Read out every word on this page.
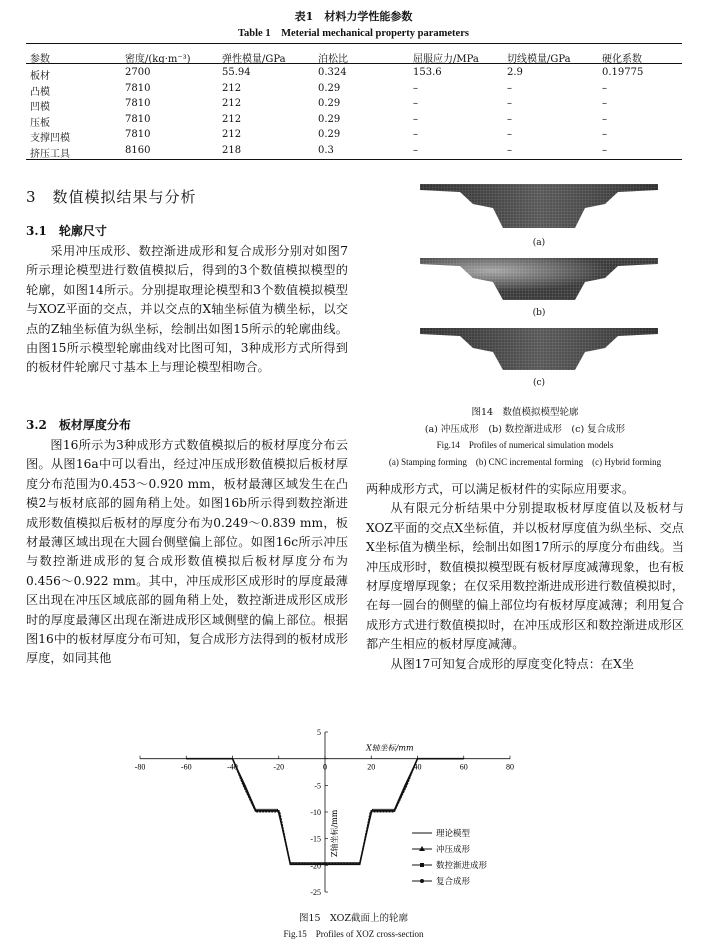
表1　材料力学性能参数
Table 1　Meterial mechanical property parameters
参数	密度/(kg·m⁻³)	弹性模量/GPa	泊松比	屈服应力/MPa	切线模量/GPa	硬化系数
板材	2700	55.94	0.324	153.6	2.9	0.19775
凸模	7810	212	0.29	–	–	–
凹模	7810	212	0.29	–	–	–
压板	7810	212	0.29	–	–	–
支撑凹模	7810	212	0.29	–	–	–
挤压工具	8160	218	0.3	–	–	–
3　数值模拟结果与分析
3.1　轮廓尺寸

采用冲压成形、数控渐进成形和复合成形分别对如图7所示理论模型进行数值模拟后，得到的3个数值模拟模型的轮廓，如图14所示。分别提取理论模型和3个数值模拟模型与XOZ平面的交点，并以交点的X轴坐标值为横坐标，以交点的Z轴坐标值为纵坐标，绘制出如图15所示的轮廓曲线。由图15所示模型轮廓曲线对比图可知，3种成形方式所得到的板材件轮廓尺寸基本上与理论模型相吻合。

3.2　板材厚度分布

图16所示为3种成形方式数值模拟后的板材厚度分布云图。从图16a中可以看出，经过冲压成形数值模拟后板材厚度分布范围为0.453～0.920 mm，板材最薄区域发生在凸模2与板材底部的圆角稍上处。如图16b所示得到数控渐进成形数值模拟后板材的厚度分布为0.249～0.839 mm，板材最薄区域出现在大圆台侧壁偏上部位。如图16c所示冲压与数控渐进成形的复合成形数值模拟后板材厚度分布为0.456～0.922 mm。其中，冲压成形区成形时的厚度最薄区出现在冲压区域底部的圆角稍上处，数控渐进成形区成形时的厚度最薄区出现在渐进成形区域侧壁的偏上部位。根据图16中的板材厚度分布可知，复合成形方法得到的板材成形厚度，如同其他

(a)
(b)
(c)
图14　数值模拟模型轮廓
(a) 冲压成形　(b) 数控渐进成形　(c) 复合成形
Fig.14　Profiles of numerical simulation models
(a) Stamping forming　(b) CNC incremental forming　(c) Hybrid forming

两种成形方式，可以满足板材件的实际应用要求。

从有限元分析结果中分别提取板材厚度值以及板材与XOZ平面的交点X坐标值，并以板材厚度值为纵坐标、交点X坐标值为横坐标，绘制出如图17所示的厚度分布曲线。当冲压成形时，数值模拟模型既有板材厚度减薄现象，也有板材厚度增厚现象；在仅采用数控渐进成形进行数值模拟时，在每一圆台的侧壁的偏上部位均有板材厚度减薄；利用复合成形方式进行数值模拟时，在冲压成形区和数控渐进成形区都产生相应的板材厚度减薄。

从图17可知复合成形的厚度变化特点：在X坐

-80	-60	-40	-20	0	20	40	60	80
5
-5
-10
-15
-20
-25
X轴坐标/mm
Z轴坐标/mm	理论模型
冲压成形
数控渐进成形
复合成形
图15　XOZ截面上的轮廓
Fig.15　Profiles of XOZ cross-section
